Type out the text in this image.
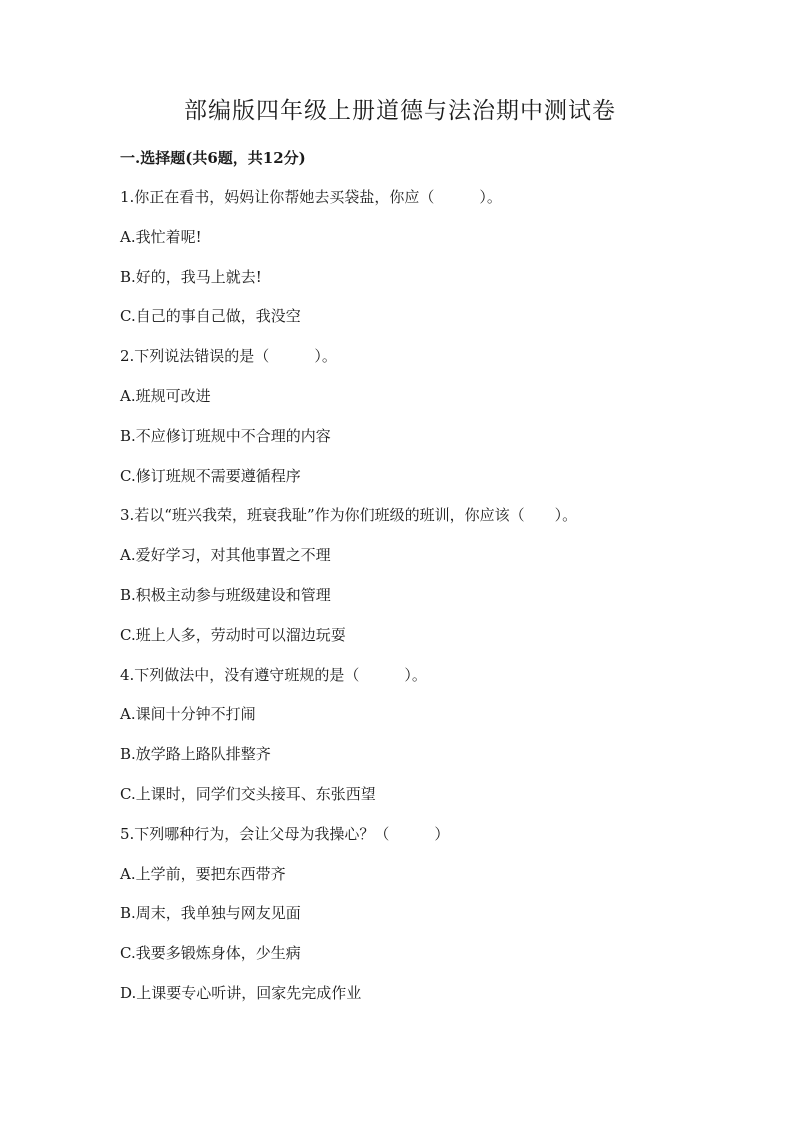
部编版四年级上册道德与法治期中测试卷
一.选择题(共6题，共12分)
1.你正在看书，妈妈让你帮她去买袋盐，你应（　　　）。
A.我忙着呢!
B.好的，我马上就去!
C.自己的事自己做，我没空
2.下列说法错误的是（　　　）。
A.班规可改进
B.不应修订班规中不合理的内容
C.修订班规不需要遵循程序
3.若以“班兴我荣，班衰我耻”作为你们班级的班训，你应该（　　）。
A.爱好学习，对其他事置之不理
B.积极主动参与班级建设和管理
C.班上人多，劳动时可以溜边玩耍
4.下列做法中，没有遵守班规的是（　　　）。
A.课间十分钟不打闹
B.放学路上路队排整齐
C.上课时，同学们交头接耳、东张西望
5.下列哪种行为，会让父母为我操心？（　　　）
A.上学前，要把东西带齐
B.周末，我单独与网友见面
C.我要多锻炼身体，少生病
D.上课要专心听讲，回家先完成作业
